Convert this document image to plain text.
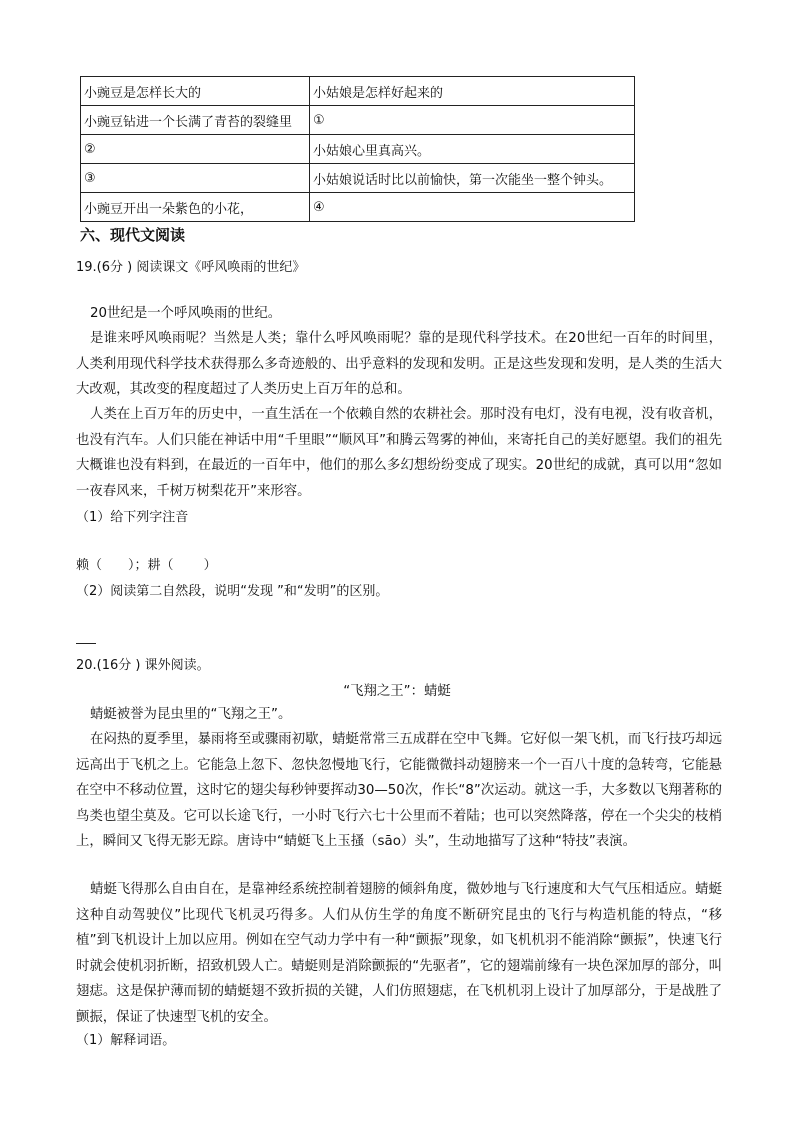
小豌豆是怎样长大的	小姑娘是怎样好起来的
小豌豆钻进一个长满了青苔的裂缝里	①
②	小姑娘心里真高兴。
③	小姑娘说话时比以前愉快，第一次能坐一整个钟头。
小豌豆开出一朵紫色的小花，	④
六、现代文阅读
19.(6分 ) 阅读课文《呼风唤雨的世纪》
20世纪是一个呼风唤雨的世纪。
是谁来呼风唤雨呢？当然是人类；靠什么呼风唤雨呢？靠的是现代科学技术。在20世纪一百年的时间里，人类利用现代科学技术获得那么多奇迹般的、出乎意料的发现和发明。正是这些发现和发明，是人类的生活大大改观，其改变的程度超过了人类历史上百万年的总和。
人类在上百万年的历史中，一直生活在一个依赖自然的农耕社会。那时没有电灯，没有电视，没有收音机，也没有汽车。人们只能在神话中用“千里眼”“顺风耳”和腾云驾雾的神仙，来寄托自己的美好愿望。我们的祖先大概谁也没有料到，在最近的一百年中，他们的那么多幻想纷纷变成了现实。20世纪的成就，真可以用“忽如一夜春风来，千树万树梨花开”来形容。
（1）给下列字注音
赖（　　）；耕（　　 ）
（2）阅读第二自然段，说明“发现 ”和“发明”的区别。
20.(16分 ) 课外阅读。
“飞翔之王”：蜻蜓
蜻蜓被誉为昆虫里的“飞翔之王”。
在闷热的夏季里，暴雨将至或骤雨初歇，蜻蜓常常三五成群在空中飞舞。它好似一架飞机，而飞行技巧却远远高出于飞机之上。它能急上忽下、忽快忽慢地飞行，它能微微抖动翅膀来一个一百八十度的急转弯，它能悬在空中不移动位置，这时它的翅尖每秒钟要挥动30—50次，作长“8”次运动。就这一手，大多数以飞翔著称的鸟类也望尘莫及。它可以长途飞行，一小时飞行六七十公里而不着陆；也可以突然降落，停在一个尖尖的枝梢上，瞬间又飞得无影无踪。唐诗中“蜻蜓飞上玉搔（sāo）头”，生动地描写了这种“特技”表演。
蜻蜓飞得那么自由自在，是靠神经系统控制着翅膀的倾斜角度，微妙地与飞行速度和大气气压相适应。蜻蜓这种自动驾驶仪”比现代飞机灵巧得多。人们从仿生学的角度不断研究昆虫的飞行与构造机能的特点，“移植”到飞机设计上加以应用。例如在空气动力学中有一种“颤振”现象，如飞机机羽不能消除“颤振”，快速飞行时就会使机羽折断，招致机毁人亡。蜻蜓则是消除颤振的“先驱者”，它的翅端前缘有一块色深加厚的部分，叫翅痣。这是保护薄而韧的蜻蜓翅不致折损的关键，人们仿照翅痣，在飞机机羽上设计了加厚部分，于是战胜了颤振，保证了快速型飞机的安全。
（1）解释词语。
